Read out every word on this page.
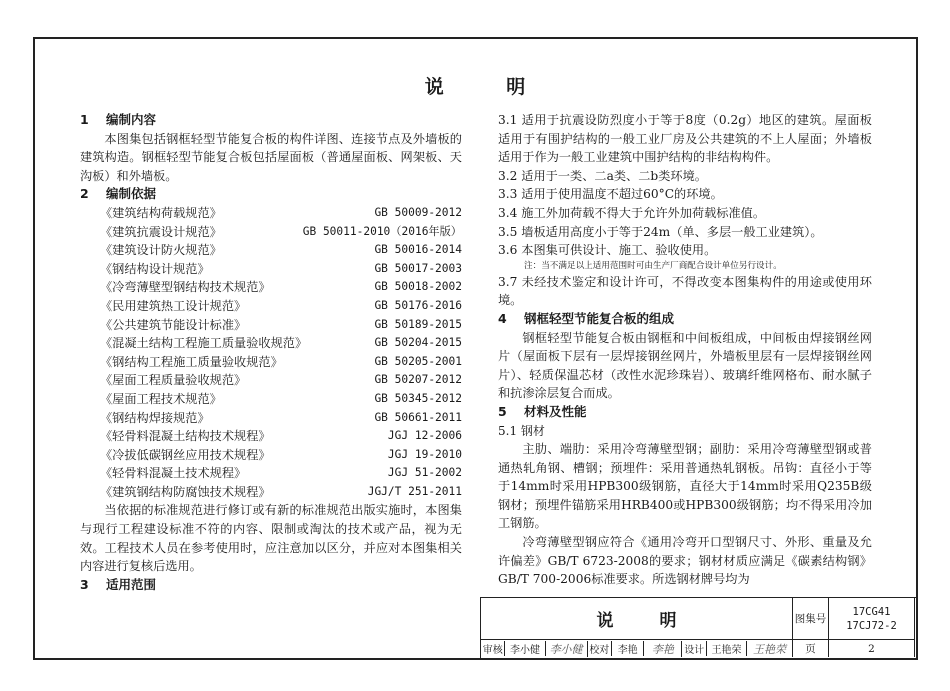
说 明
1 编制内容
本图集包括钢框轻型节能复合板的构件详图、连接节点及外墙板的建筑构造。钢框轻型节能复合板包括屋面板（普通屋面板、网架板、天沟板）和外墙板。
2 编制依据
《建筑结构荷载规范》	GB 50009-2012
《建筑抗震设计规范》	GB 50011-2010（2016年版）
《建筑设计防火规范》	GB 50016-2014
《钢结构设计规范》	GB 50017-2003
《冷弯薄壁型钢结构技术规范》	GB 50018-2002
《民用建筑热工设计规范》	GB 50176-2016
《公共建筑节能设计标准》	GB 50189-2015
《混凝土结构工程施工质量验收规范》	GB 50204-2015
《钢结构工程施工质量验收规范》	GB 50205-2001
《屋面工程质量验收规范》	GB 50207-2012
《屋面工程技术规范》	GB 50345-2012
《钢结构焊接规范》	GB 50661-2011
《轻骨料混凝土结构技术规程》	JGJ 12-2006
《冷拔低碳钢丝应用技术规程》	JGJ 19-2010
《轻骨料混凝土技术规程》	JGJ 51-2002
《建筑钢结构防腐蚀技术规程》	JGJ/T 251-2011
当依据的标准规范进行修订或有新的标准规范出版实施时，本图集与现行工程建设标准不符的内容、限制或淘汰的技术或产品，视为无效。工程技术人员在参考使用时，应注意加以区分，并应对本图集相关内容进行复核后选用。
3 适用范围
3.1 适用于抗震设防烈度小于等于8度（0.2g）地区的建筑。屋面板适用于有围护结构的一般工业厂房及公共建筑的不上人屋面；外墙板适用于作为一般工业建筑中围护结构的非结构构件。
3.2 适用于一类、二a类、二b类环境。
3.3 适用于使用温度不超过60°C的环境。
3.4 施工外加荷载不得大于允许外加荷载标准值。
3.5 墙板适用高度小于等于24m（单、多层一般工业建筑）。
3.6 本图集可供设计、施工、验收使用。
注：当不满足以上适用范围时可由生产厂商配合设计单位另行设计。
3.7 未经技术鉴定和设计许可，不得改变本图集构件的用途或使用环境。
4 钢框轻型节能复合板的组成
钢框轻型节能复合板由钢框和中间板组成，中间板由焊接钢丝网片（屋面板下层有一层焊接钢丝网片，外墙板里层有一层焊接钢丝网片）、轻质保温芯材（改性水泥珍珠岩）、玻璃纤维网格布、耐水腻子和抗渗涂层复合而成。
5 材料及性能
5.1 钢材
主肋、端肋：采用冷弯薄壁型钢；副肋：采用冷弯薄壁型钢或普通热轧角钢、槽钢；预埋件：采用普通热轧钢板。吊钩：直径小于等于14mm时采用HPB300级钢筋，直径大于14mm时采用Q235B级钢材；预埋件锚筋采用HRB400或HPB300级钢筋；均不得采用冷加工钢筋。
冷弯薄壁型钢应符合《通用冷弯开口型钢尺寸、外形、重量及允许偏差》GB/T 6723-2008的要求；钢材材质应满足《碳素结构钢》GB/T 700-2006标准要求。所选钢材牌号均为
说 明	图集号
17CG41
17CJ72-2
审核 李小健 李小健 校对 李艳	李艳	设计 王艳荣	王艳荣	页	2
